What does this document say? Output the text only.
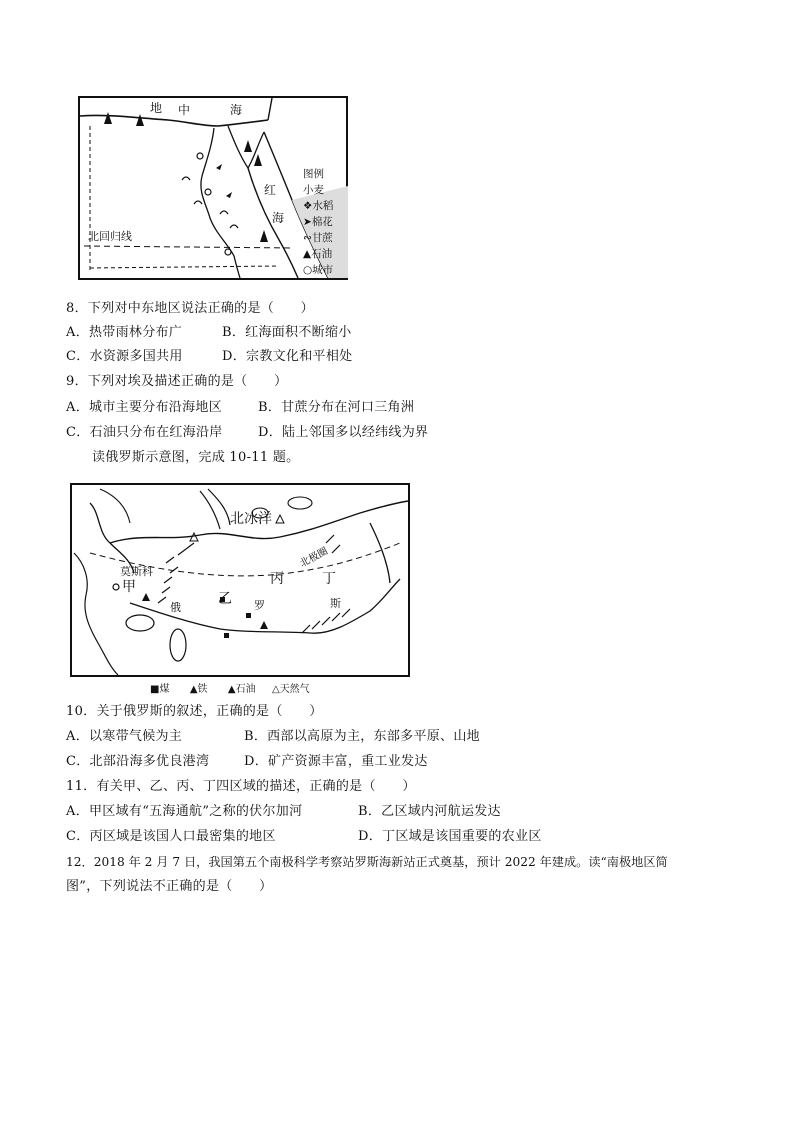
地 中	海
红
海
北回归线
图例
小麦
❖水稻
➤棉花
∾甘蔗
▲石油
○城市
8．下列对中东地区说法正确的是（　　）
A．热带雨林分布广	B．红海面积不断缩小
C．水资源多国共用	D．宗教文化和平相处
9．下列对埃及描述正确的是（　　）
A．城市主要分布沿海地区	B．甘蔗分布在河口三角洲
C．石油只分布在红海沿岸	D．陆上邻国多以经纬线为界
读俄罗斯示意图，完成 10-11 题。
北冰洋
莫斯科
甲
乙
丙	丁
俄	罗	斯
北极圈
■煤 ▲铁 ▲石油 △天然气
10．关于俄罗斯的叙述，正确的是（　　）
A．以寒带气候为主	B．西部以高原为主，东部多平原、山地
C．北部沿海多优良港湾	D．矿产资源丰富，重工业发达
11．有关甲、乙、丙、丁四区域的描述，正确的是（　　）
A．甲区域有“五海通航”之称的伏尔加河	B．乙区域内河航运发达
C．丙区域是该国人口最密集的地区	D．丁区域是该国重要的农业区
12．2018 年 2 月 7 日，我国第五个南极科学考察站罗斯海新站正式奠基，预计 2022 年建成。读“南极地区简
图”，下列说法不正确的是（　　）
